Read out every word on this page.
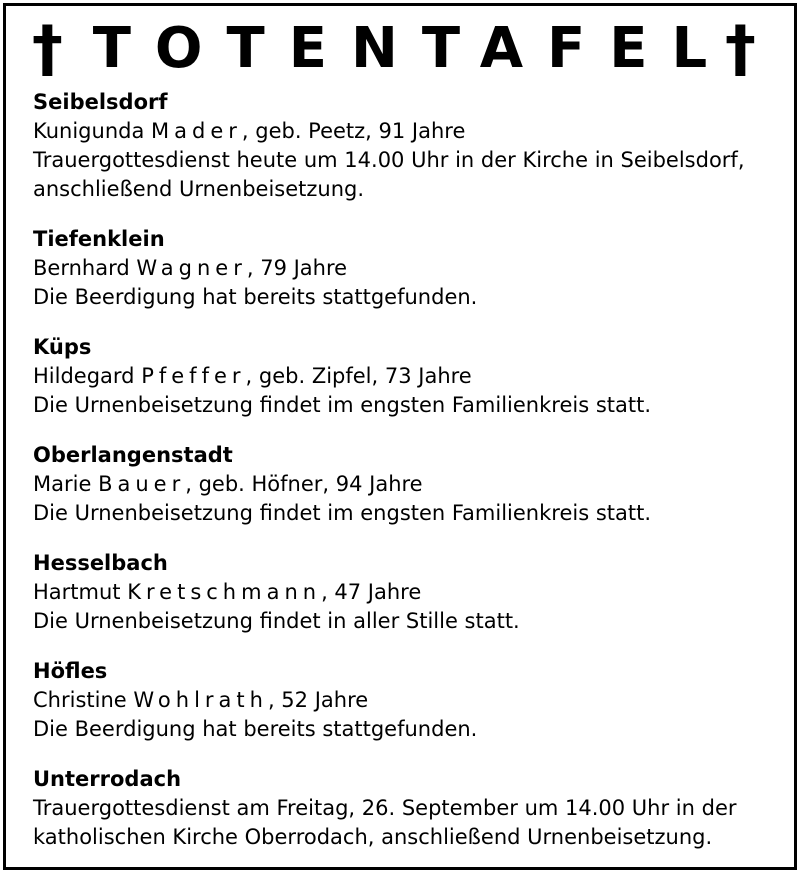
† TOTENTAFEL
†
Seibelsdorf
Kunigunda Mader, geb. Peetz, 91 Jahre
Trauergottesdienst heute um 14.00 Uhr in der Kirche in Seibelsdorf,
anschließend Urnenbeisetzung.
Tiefenklein
Bernhard Wagner, 79 Jahre
Die Beerdigung hat bereits stattgefunden.
Küps
Hildegard Pfeffer, geb. Zipfel, 73 Jahre
Die Urnenbeisetzung findet im engsten Familienkreis statt.
Oberlangenstadt
Marie Bauer, geb. Höfner, 94 Jahre
Die Urnenbeisetzung findet im engsten Familienkreis statt.
Hesselbach
Hartmut Kretschmann, 47 Jahre
Die Urnenbeisetzung findet in aller Stille statt.
Höfles
Christine Wohlrath, 52 Jahre
Die Beerdigung hat bereits stattgefunden.
Unterrodach
Trauergottesdienst am Freitag, 26. September um 14.00 Uhr in der
katholischen Kirche Oberrodach, anschließend Urnenbeisetzung.
